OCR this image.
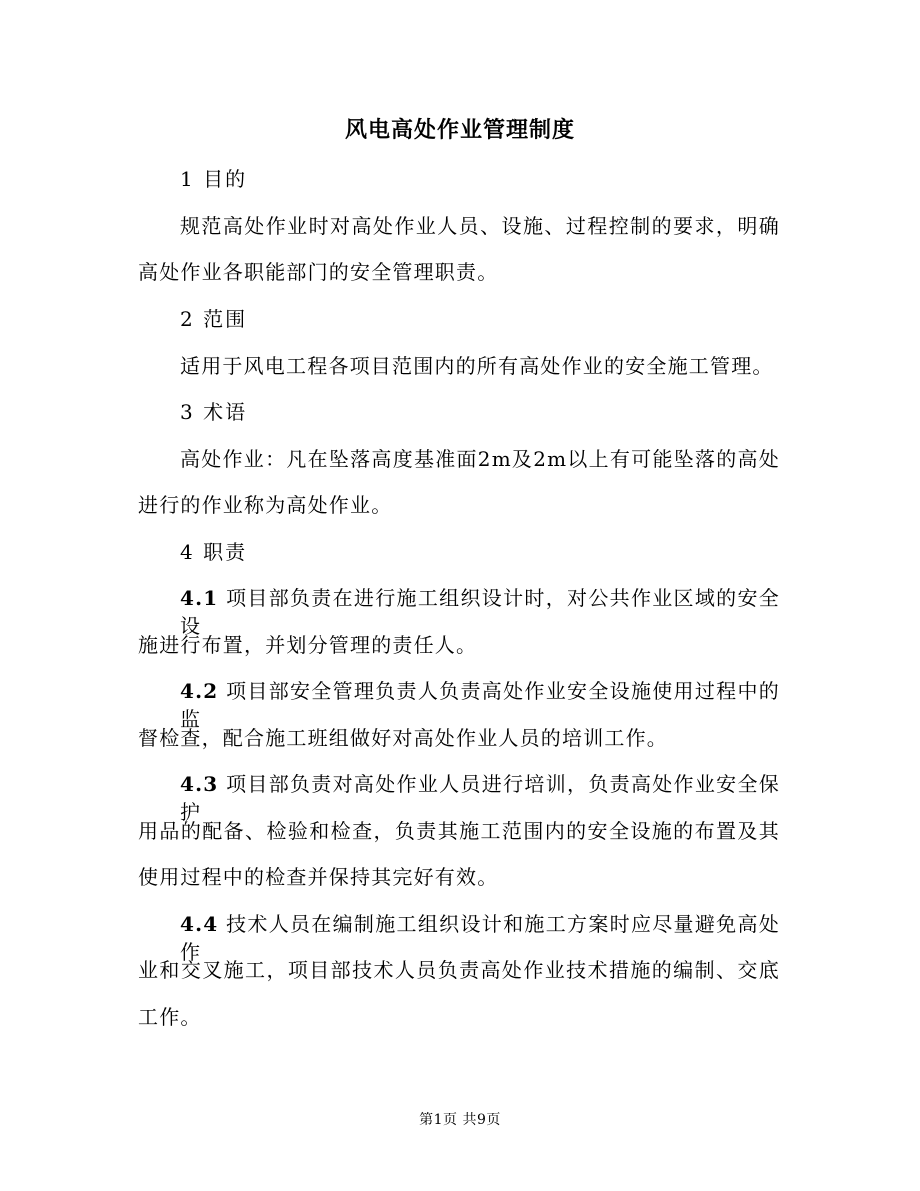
风电高处作业管理制度
1 目的
规范高处作业时对高处作业人员、设施、过程控制的要求，明确
高处作业各职能部门的安全管理职责。
2 范围
适用于风电工程各项目范围内的所有高处作业的安全施工管理。
3 术语
高处作业：凡在坠落高度基准面2m及2m以上有可能坠落的高处
进行的作业称为高处作业。
4 职责
4.1 项目部负责在进行施工组织设计时，对公共作业区域的安全设
施进行布置，并划分管理的责任人。
4.2 项目部安全管理负责人负责高处作业安全设施使用过程中的监
督检查，配合施工班组做好对高处作业人员的培训工作。
4.3 项目部负责对高处作业人员进行培训，负责高处作业安全保护
用品的配备、检验和检查，负责其施工范围内的安全设施的布置及其
使用过程中的检查并保持其完好有效。
4.4 技术人员在编制施工组织设计和施工方案时应尽量避免高处作
业和交叉施工，项目部技术人员负责高处作业技术措施的编制、交底
工作。
第1页 共9页
